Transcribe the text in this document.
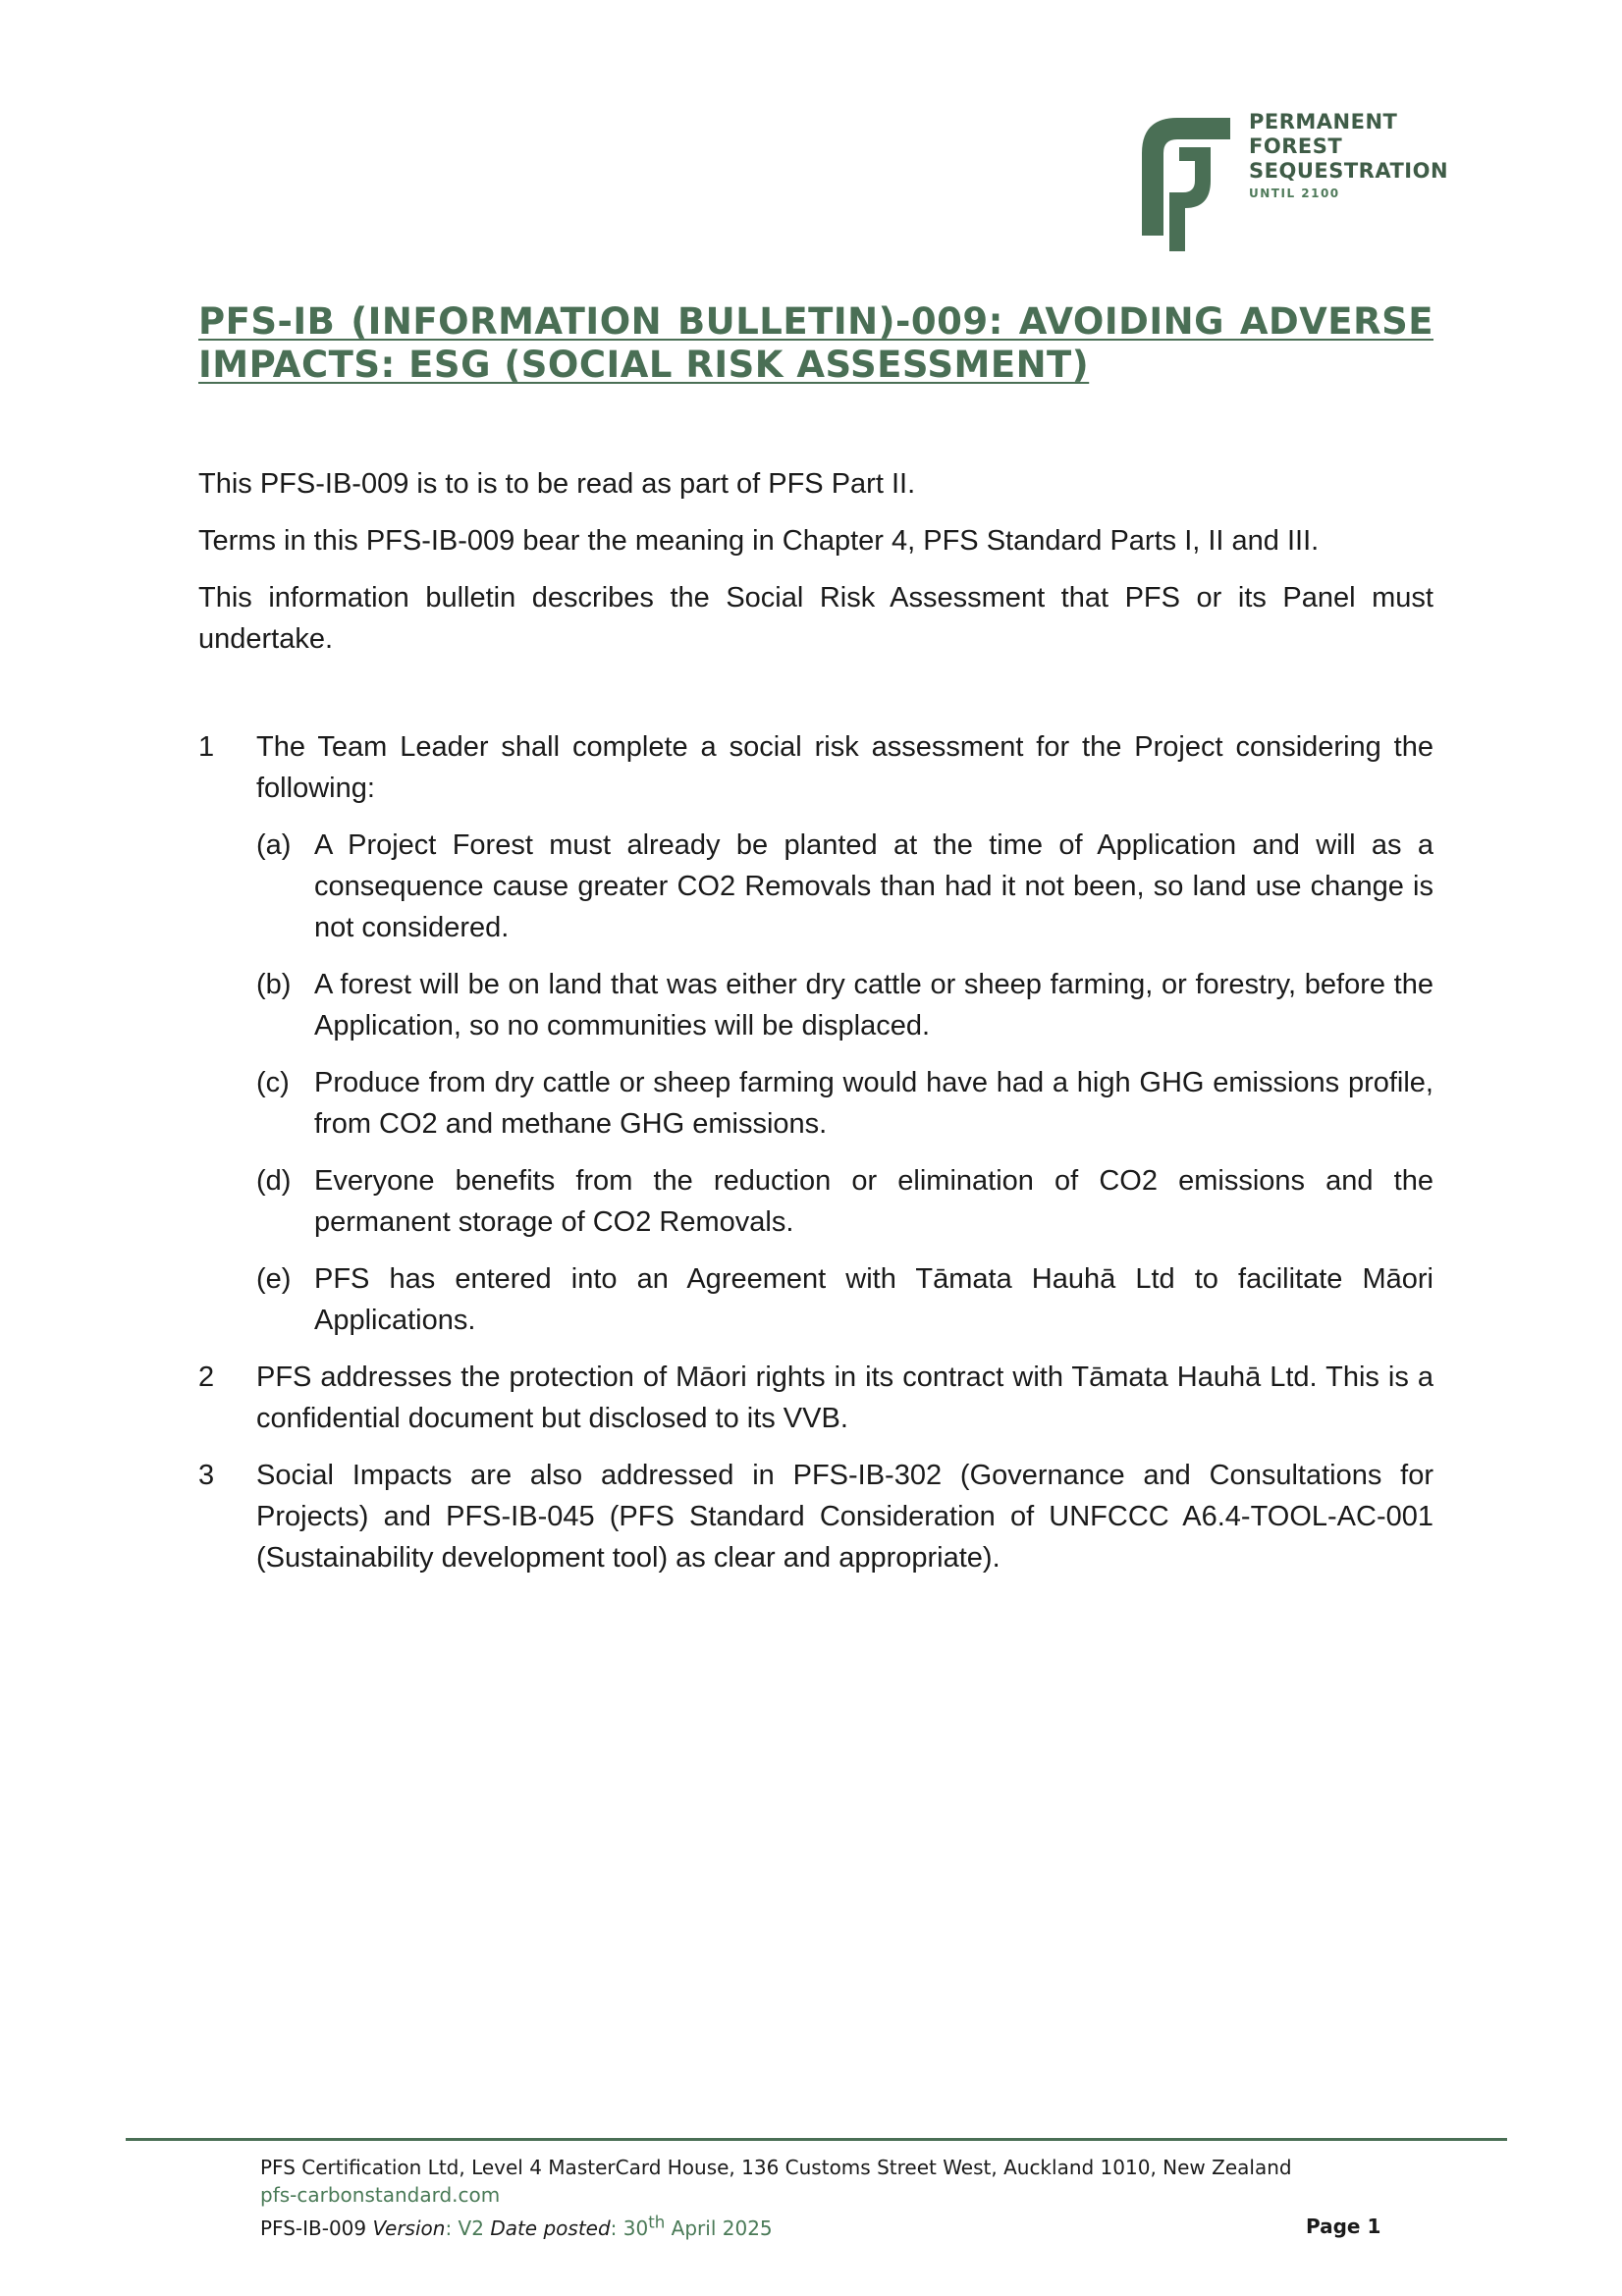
PERMANENT
FOREST
SEQUESTRATION
UNTIL 2100
PFS-IB (INFORMATION BULLETIN)-009: AVOIDING ADVERSE IMPACTS: ESG (SOCIAL RISK ASSESSMENT)

This PFS-IB-009 is to is to be read as part of PFS Part II.

Terms in this PFS-IB-009 bear the meaning in Chapter 4, PFS Standard Parts I, II and III.

This information bulletin describes the Social Risk Assessment that PFS or its Panel must undertake.

1	The Team Leader shall complete a social risk assessment for the Project considering the following:
(a) A Project Forest must already be planted at the time of Application and will as a consequence cause greater CO2 Removals than had it not been, so land use change is not considered.
(b) A forest will be on land that was either dry cattle or sheep farming, or forestry, before the Application, so no communities will be displaced.
(c) Produce from dry cattle or sheep farming would have had a high GHG emissions profile, from CO2 and methane GHG emissions.
(d) Everyone benefits from the reduction or elimination of CO2 emissions and the permanent storage of CO2 Removals.
(e) PFS has entered into an Agreement with Tāmata Hauhā Ltd to facilitate Māori Applications.
2	PFS addresses the protection of Māori rights in its contract with Tāmata Hauhā Ltd. This is a confidential document but disclosed to its VVB.
3	Social Impacts are also addressed in PFS-IB-302 (Governance and Consultations for Projects) and PFS-IB-045 (PFS Standard Consideration of UNFCCC A6.4-TOOL-AC-001 (Sustainability development tool) as clear and appropriate).
PFS Certification Ltd, Level 4 MasterCard House, 136 Customs Street West, Auckland 1010, New Zealand
pfs-carbonstandard.com
PFS-IB-009 Version: V2 Date posted: 30th April 2025	Page 1
